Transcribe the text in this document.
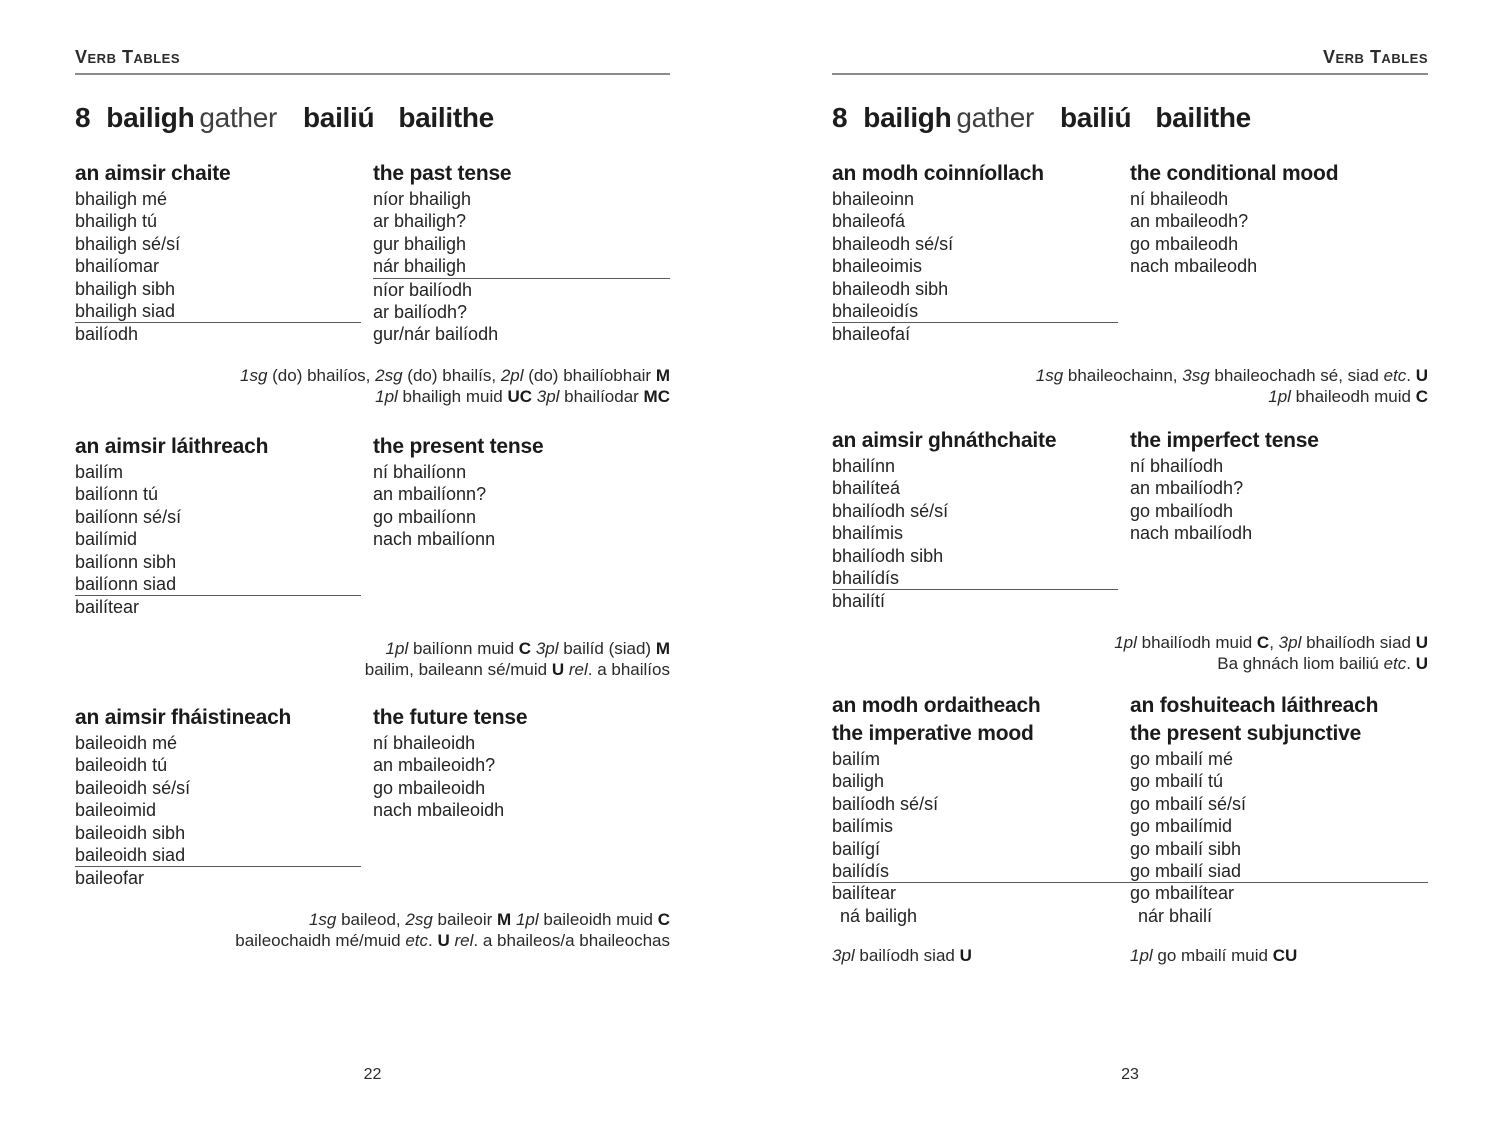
Verb Tables
8 bailigh gather bailiú bailithe
an aimsir chaite
bhailigh mé
bhailigh tú
bhailigh sé/sí
bhailíomar
bhailigh sibh
bhailigh siad
bailíodh
the past tense
níor bhailigh
ar bhailigh?
gur bhailigh
nár bhailigh
níor bailíodh
ar bailíodh?
gur/nár bailíodh
1sg (do) bhailíos, 2sg (do) bhailís, 2pl (do) bhailíobhair M
1pl bhailigh muid UC 3pl bhailíodar MC
an aimsir láithreach
bailím
bailíonn tú
bailíonn sé/sí
bailímid
bailíonn sibh
bailíonn siad
bailítear
the present tense
ní bhailíonn
an mbailíonn?
go mbailíonn
nach mbailíonn
1pl bailíonn muid C 3pl bailíd (siad) M
bailim, baileann sé/muid U rel. a bhailíos
an aimsir fháistineach
baileoidh mé
baileoidh tú
baileoidh sé/sí
baileoimid
baileoidh sibh
baileoidh siad
baileofar
the future tense
ní bhaileoidh
an mbaileoidh?
go mbaileoidh
nach mbaileoidh
1sg baileod, 2sg baileoir M 1pl baileoidh muid C
baileochaidh mé/muid etc. U rel. a bhaileos/a bhaileochas
22
Verb Tables
8 bailigh gather bailiú bailithe
an modh coinníollach
bhaileoinn
bhaileofá
bhaileodh sé/sí
bhaileoimis
bhaileodh sibh
bhaileoidís
bhaileofaí
the conditional mood
ní bhaileodh
an mbaileodh?
go mbaileodh
nach mbaileodh
1sg bhaileochainn, 3sg bhaileochadh sé, siad etc. U
1pl bhaileodh muid C
an aimsir ghnáthchaite
bhailínn
bhailíteá
bhailíodh sé/sí
bhailímis
bhailíodh sibh
bhailídís
bhailítí
the imperfect tense
ní bhailíodh
an mbailíodh?
go mbailíodh
nach mbailíodh
1pl bhailíodh muid C, 3pl bhailíodh siad U
Ba ghnách liom bailiú etc. U
an modh ordaitheach
the imperative mood
bailím
bailigh
bailíodh sé/sí
bailímis
bailígí
bailídís
bailítear
ná bailigh
an foshuiteach láithreach
the present subjunctive
go mbailí mé
go mbailí tú
go mbailí sé/sí
go mbailímid
go mbailí sibh
go mbailí siad
go mbailítear
nár bhailí
3pl bailíodh siad U	1pl go mbailí muid CU
23
